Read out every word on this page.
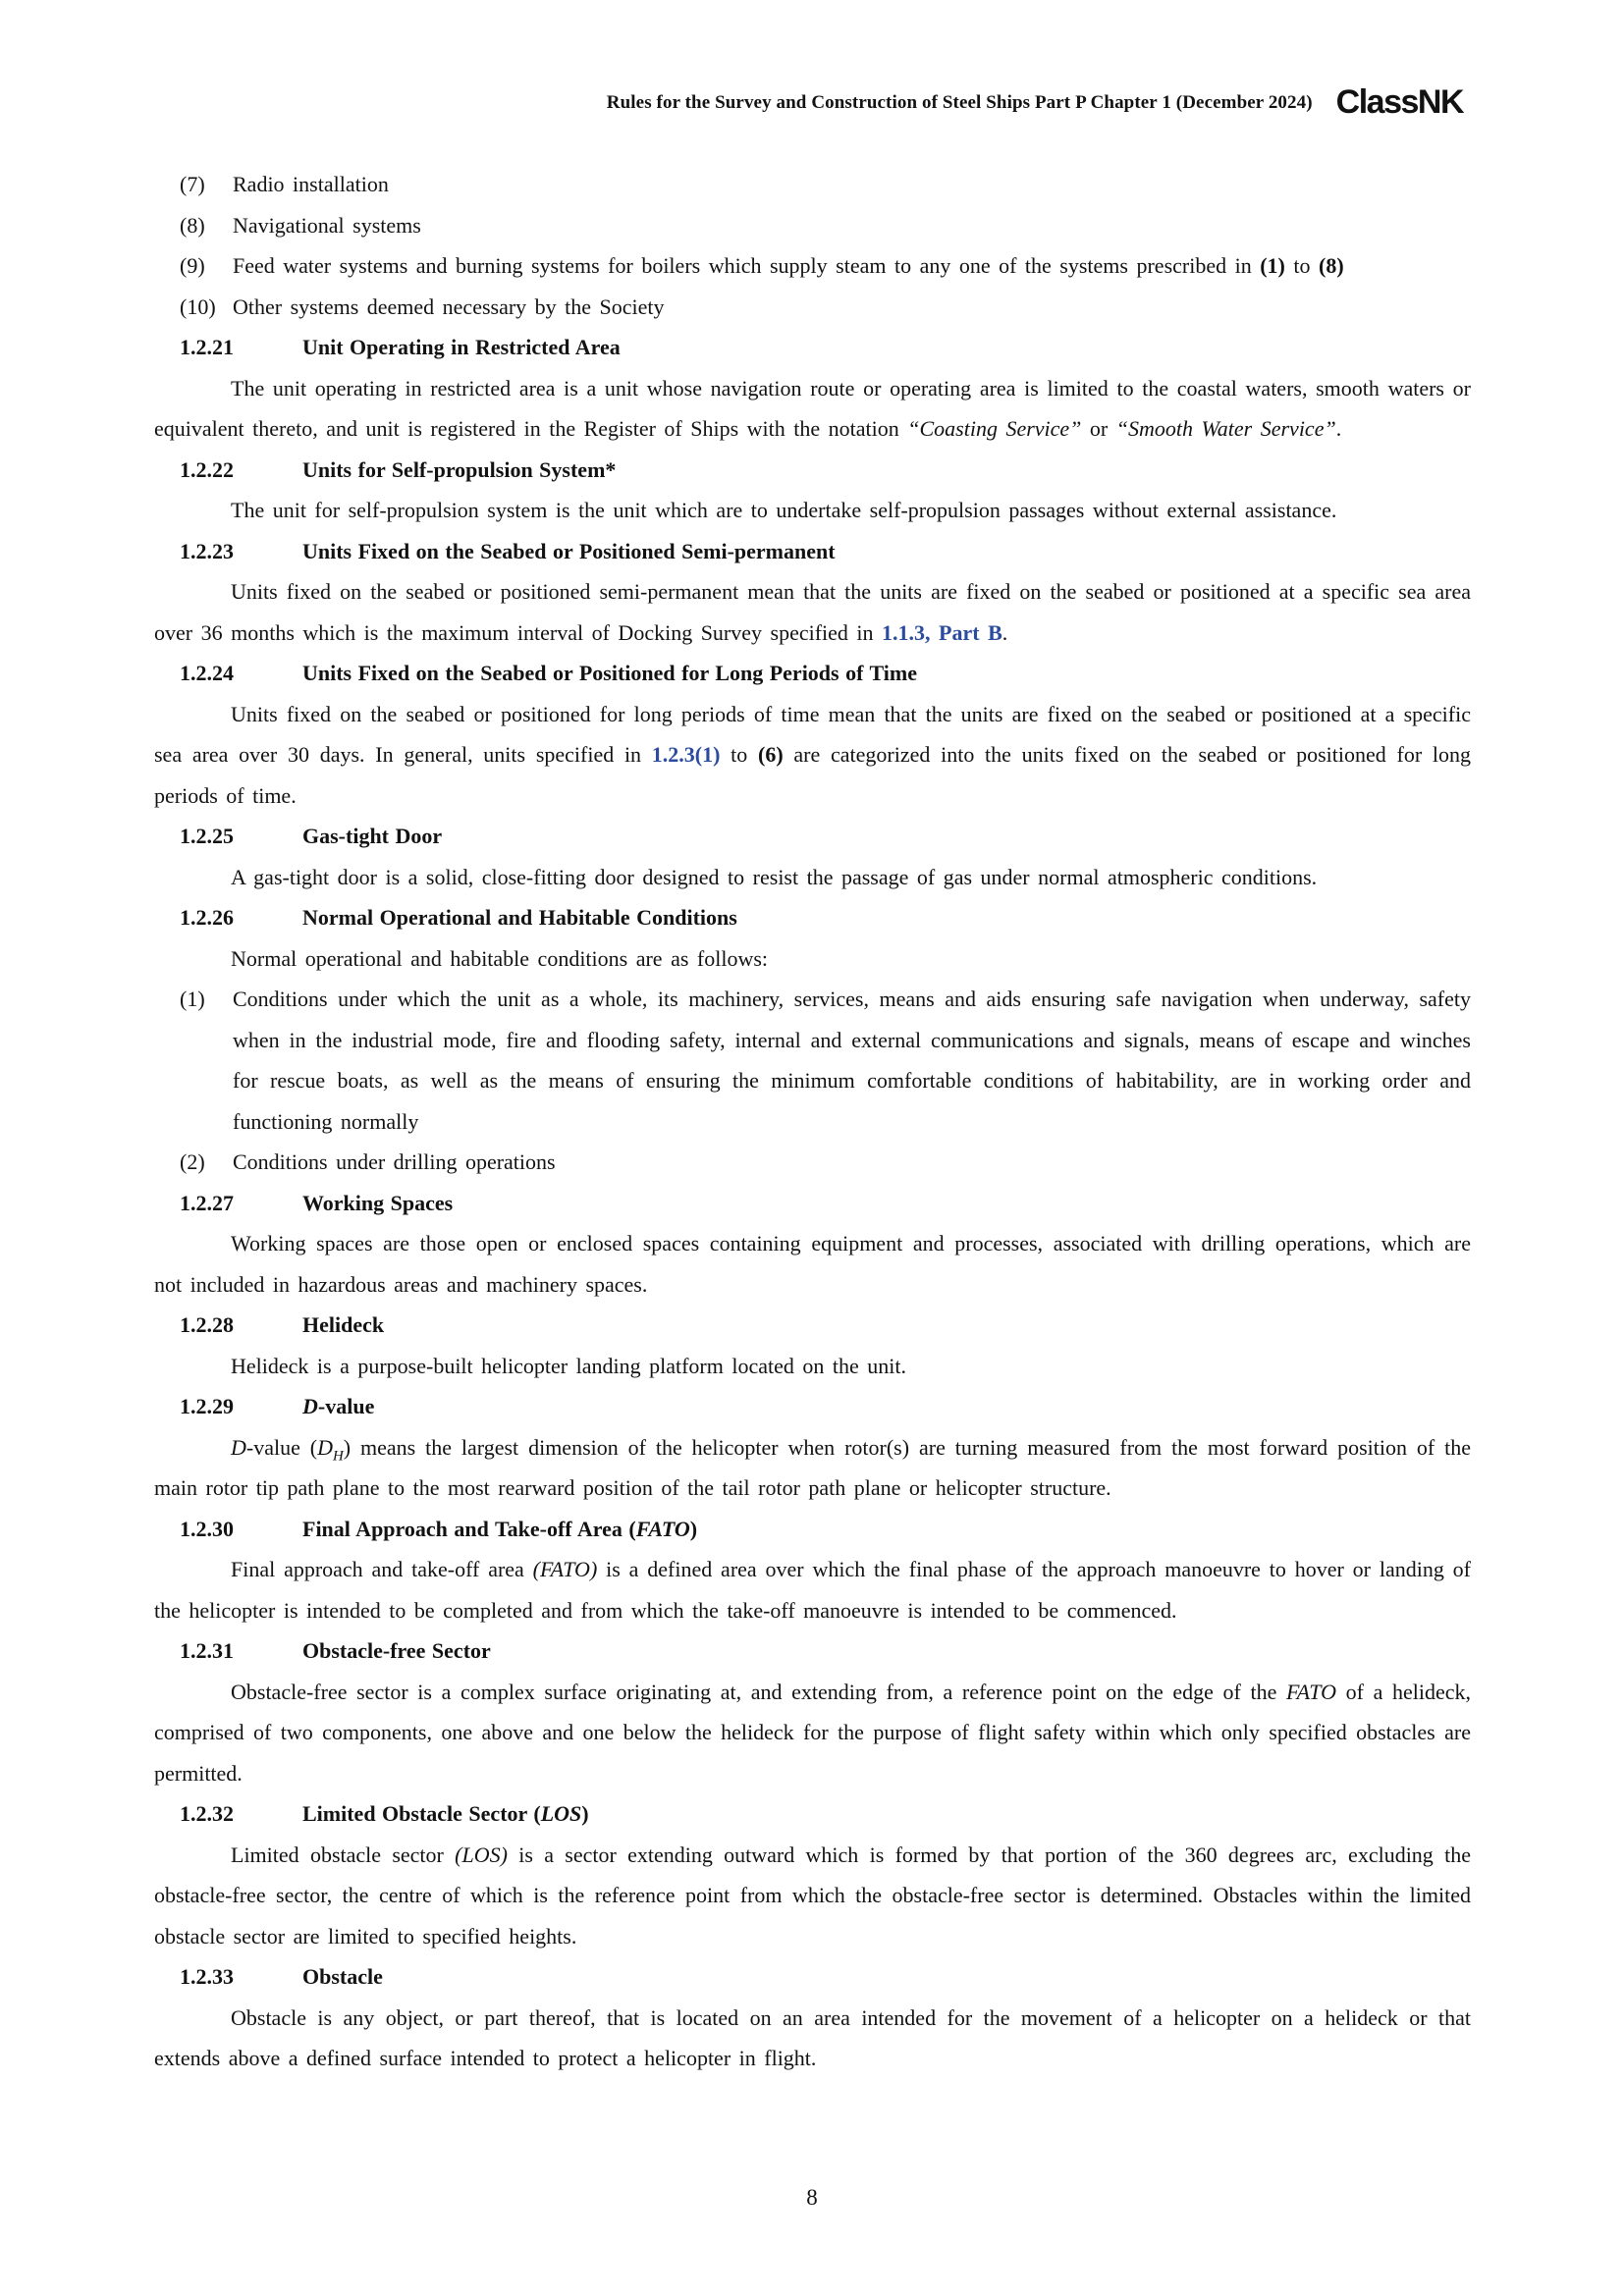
Rules for the Survey and Construction of Steel Ships Part P Chapter 1 (December 2024) ClassNK
(7) Radio installation
(8) Navigational systems
(9) Feed water systems and burning systems for boilers which supply steam to any one of the systems prescribed in (1) to (8)
(10) Other systems deemed necessary by the Society
1.2.21	Unit Operating in Restricted Area
The unit operating in restricted area is a unit whose navigation route or operating area is limited to the coastal waters, smooth waters or equivalent thereto, and unit is registered in the Register of Ships with the notation “Coasting Service” or “Smooth Water Service”.
1.2.22	Units for Self-propulsion System*
The unit for self-propulsion system is the unit which are to undertake self-propulsion passages without external assistance.
1.2.23	Units Fixed on the Seabed or Positioned Semi-permanent
Units fixed on the seabed or positioned semi-permanent mean that the units are fixed on the seabed or positioned at a specific sea area over 36 months which is the maximum interval of Docking Survey specified in 1.1.3, Part B.
1.2.24	Units Fixed on the Seabed or Positioned for Long Periods of Time
Units fixed on the seabed or positioned for long periods of time mean that the units are fixed on the seabed or positioned at a specific sea area over 30 days. In general, units specified in 1.2.3(1) to (6) are categorized into the units fixed on the seabed or positioned for long periods of time.
1.2.25	Gas-tight Door
A gas-tight door is a solid, close-fitting door designed to resist the passage of gas under normal atmospheric conditions.
1.2.26	Normal Operational and Habitable Conditions
Normal operational and habitable conditions are as follows:
(1) Conditions under which the unit as a whole, its machinery, services, means and aids ensuring safe navigation when underway, safety when in the industrial mode, fire and flooding safety, internal and external communications and signals, means of escape and winches for rescue boats, as well as the means of ensuring the minimum comfortable conditions of habitability, are in working order and functioning normally
(2) Conditions under drilling operations
1.2.27	Working Spaces
Working spaces are those open or enclosed spaces containing equipment and processes, associated with drilling operations, which are not included in hazardous areas and machinery spaces.
1.2.28	Helideck
Helideck is a purpose-built helicopter landing platform located on the unit.
1.2.29	D-value
D-value $(D_H)$ means the largest dimension of the helicopter when rotor(s) are turning measured from the most forward position of the main rotor tip path plane to the most rearward position of the tail rotor path plane or helicopter structure.
1.2.30	Final Approach and Take-off Area (FATO)
Final approach and take-off area (FATO) is a defined area over which the final phase of the approach manoeuvre to hover or landing of the helicopter is intended to be completed and from which the take-off manoeuvre is intended to be commenced.
1.2.31	Obstacle-free Sector
Obstacle-free sector is a complex surface originating at, and extending from, a reference point on the edge of the FATO of a helideck, comprised of two components, one above and one below the helideck for the purpose of flight safety within which only specified obstacles are permitted.
1.2.32	Limited Obstacle Sector (LOS)
Limited obstacle sector (LOS) is a sector extending outward which is formed by that portion of the 360 degrees arc, excluding the obstacle-free sector, the centre of which is the reference point from which the obstacle-free sector is determined. Obstacles within the limited obstacle sector are limited to specified heights.
1.2.33	Obstacle
Obstacle is any object, or part thereof, that is located on an area intended for the movement of a helicopter on a helideck or that extends above a defined surface intended to protect a helicopter in flight.
8
